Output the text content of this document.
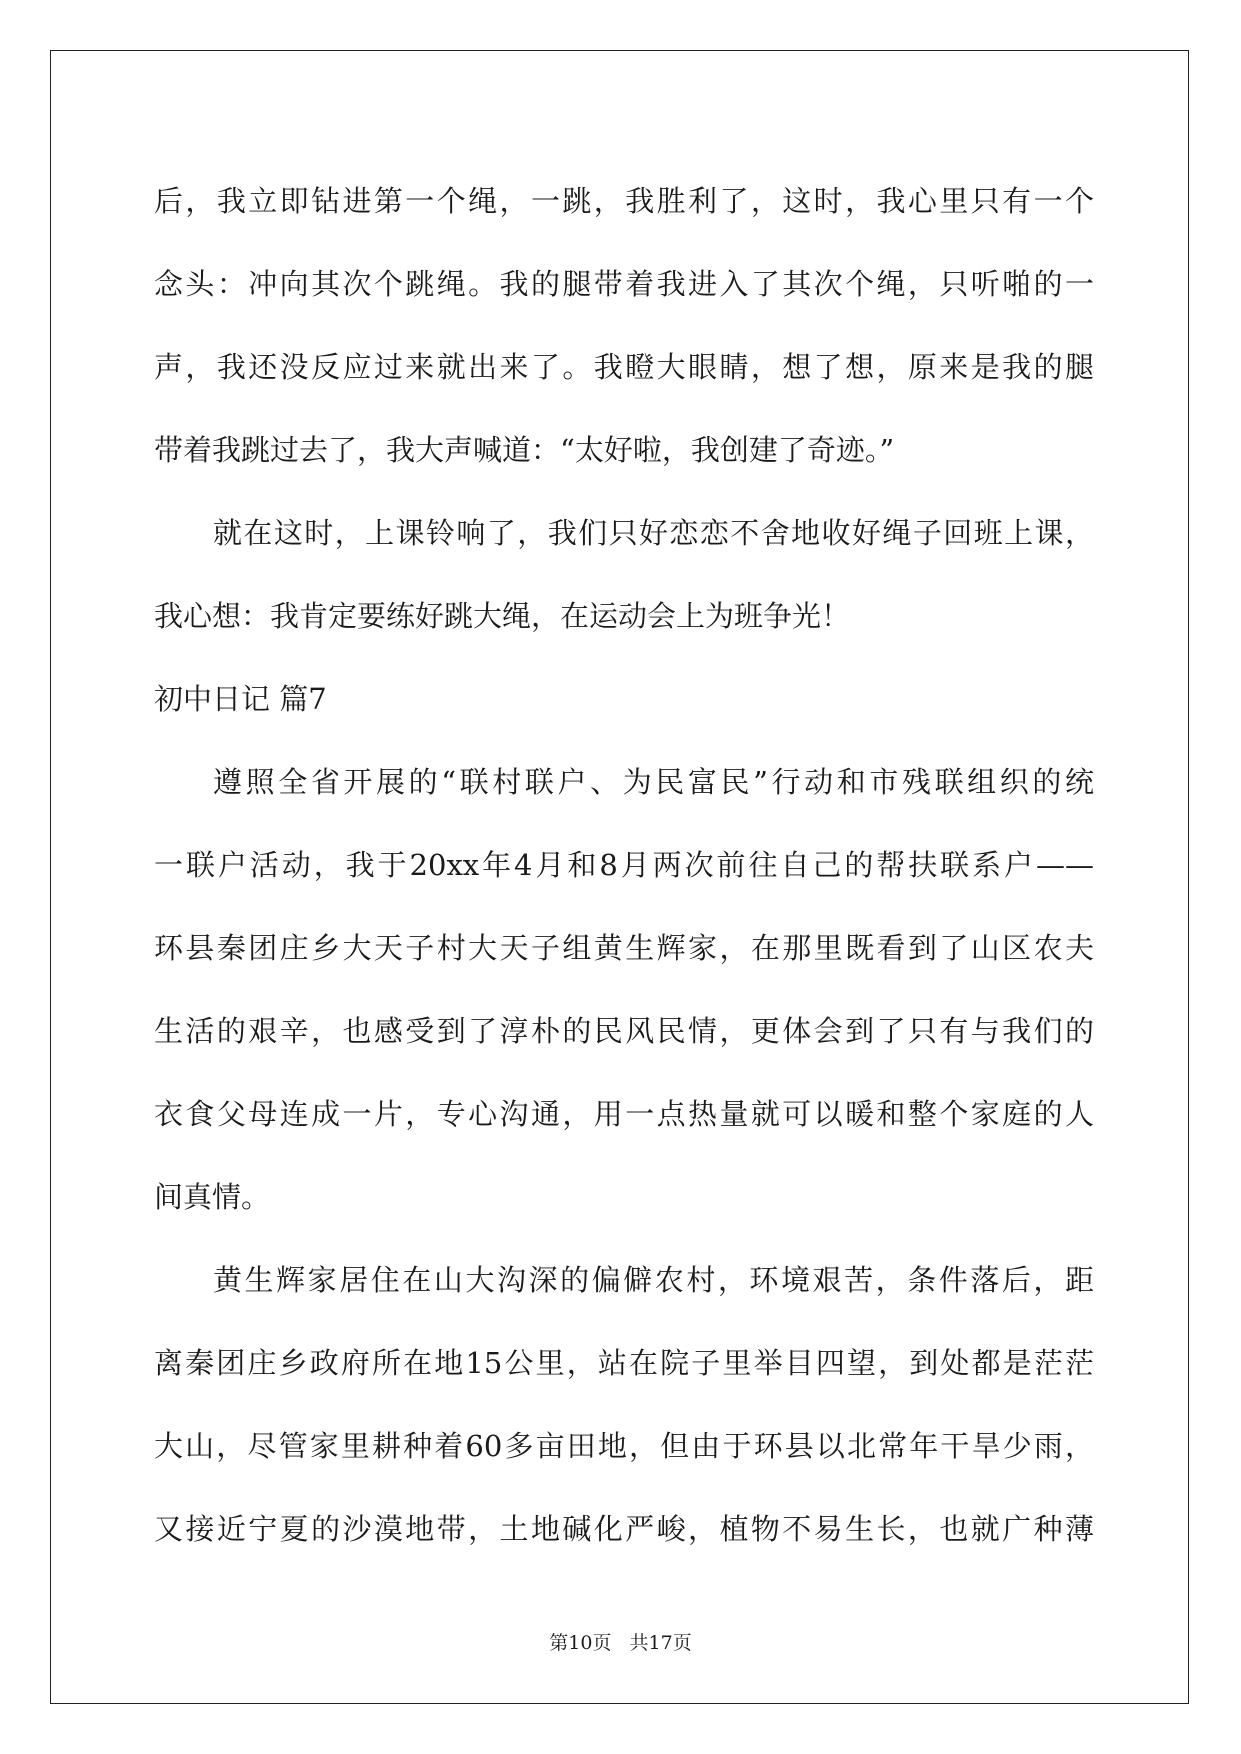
后，我立即钻进第一个绳，一跳，我胜利了，这时，我心里只有一个
念头：冲向其次个跳绳。我的腿带着我进入了其次个绳，只听啪的一
声，我还没反应过来就出来了。我瞪大眼睛，想了想，原来是我的腿
带着我跳过去了，我大声喊道：“太好啦，我创建了奇迹。”
就在这时，上课铃响了，我们只好恋恋不舍地收好绳子回班上课，
我心想：我肯定要练好跳大绳，在运动会上为班争光！
初中日记 篇7
遵照全省开展的“联村联户、为民富民”行动和市残联组织的统
一联户活动，我于20xx年4月和8月两次前往自己的帮扶联系户——
环县秦团庄乡大天子村大天子组黄生辉家，在那里既看到了山区农夫
生活的艰辛，也感受到了淳朴的民风民情，更体会到了只有与我们的
衣食父母连成一片，专心沟通，用一点热量就可以暖和整个家庭的人
间真情。
黄生辉家居住在山大沟深的偏僻农村，环境艰苦，条件落后，距
离秦团庄乡政府所在地15公里，站在院子里举目四望，到处都是茫茫
大山，尽管家里耕种着60多亩田地，但由于环县以北常年干旱少雨，
又接近宁夏的沙漠地带，土地碱化严峻，植物不易生长，也就广种薄
第10页 共17页
